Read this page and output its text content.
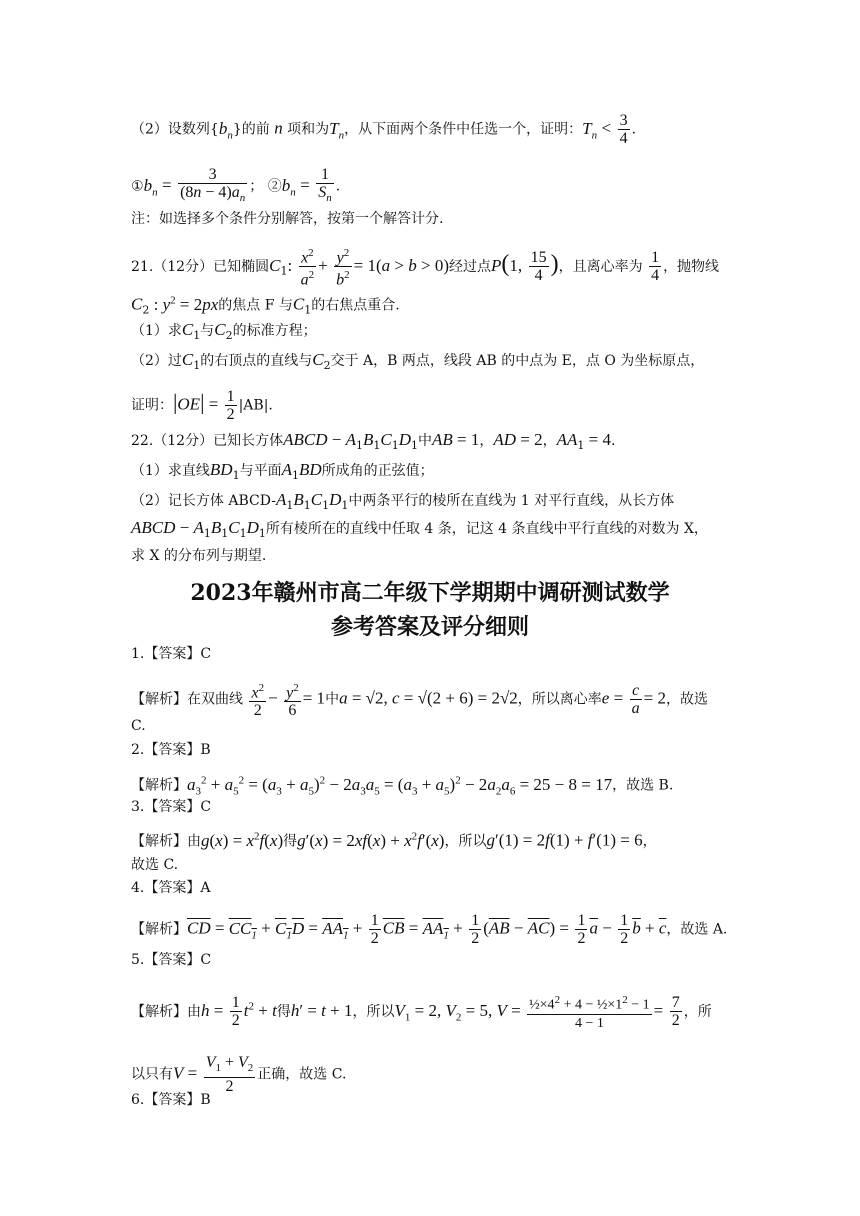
（2）设数列$\{b_n\}$的前 n 项和为$T_n$，从下面两个条件中任选一个，证明：$T_n < \frac{3}{4}$ .
$①b_n = \frac{3}{(8n - 4)a_n}$ ； $②b_n = \frac{1}{S_n}$ .
注：如选择多个条件分别解答，按第一个解答计分.
21.（12分）已知椭圆$C_1$: $\frac{x^2}{a^2} + \frac{y^2}{b^2} = 1(a > b > 0)$经过点P(1, $\frac{15}{4}$ )，且离心率为 $\frac{1}{4}$ ，抛物线
$C_2$ : $y^2 = 2px$的焦点 F 与$C_1$的右焦点重合.
（1）求$C_1$与$C_2$的标准方程；
（2）过$C_1$的右顶点的直线与$C_2$交于 A，B 两点，线段 AB 的中点为 E，点 O 为坐标原点，
证明：$|OE| = \frac{1}{2} |AB|$.
22.（12分）已知长方体ABCD − $A_1B_1C_1D_1$中AB = 1，AD = 2，$AA_1 = 4$.
（1）求直线$BD_1$与平面$A_1BD$所成角的正弦值；
（2）记长方体 ABCD-$A_1B_1C_1D_1$中两条平行的棱所在直线为 1 对平行直线，从长方体
ABCD − $A_1B_1C_1D_1$所有棱所在的直线中任取 4 条，记这 4 条直线中平行直线的对数为 X，
求 X 的分布列与期望.
2023年赣州市高二年级下学期期中调研测试数学
参考答案及评分细则
1.【答案】C
【解析】在双曲线 $\frac{x^2}{2} - \frac{y^2}{6} = 1$中a = √2, c = √(2 + 6) = 2√2，所以离心率$e = \frac{c}{a} = 2$，故选
C.
2.【答案】B
【解析】$a_3^2 + a_5^2 = (a_3 + a_5)^2 - 2a_3a_5 = (a_3 + a_5)^2 - 2a_2a_6 = 25 - 8 = 17$，故选 B.
3.【答案】C
【解析】由$g(x) = x^2f(x)$得$g'(x) = 2xf(x) + x^2f'(x)$，所以g′(1) = 2f(1) + f′(1) = 6，
故选 C.
4.【答案】A
【解析】$\overline{CD} = CC_1 + C_1D = AA_1 + \frac{1}{2} \overline{CB} = AA_1 + \frac{1}{2} (\overline{AB} - \overline{AC}) = \frac{1}{2} \overline{a} - \frac{1}{2} \overline{b} + \overline{c}$，故选 A.
5.【答案】C
【解析】由$h = \frac{1}{2} t^2 + t$得h′ = t + 1，所以$V_1 = 2$, $V_2 = 5$, $V = \frac{\frac{1}{2}\times 4^2 + 4 - \frac{1}{2}\times 1^2 - 1}{4 - 1} = \frac{7}{2}$ ，所
以只有$V = \frac{V_1 + V_2}{2}$ 正确，故选 C.
6.【答案】B
